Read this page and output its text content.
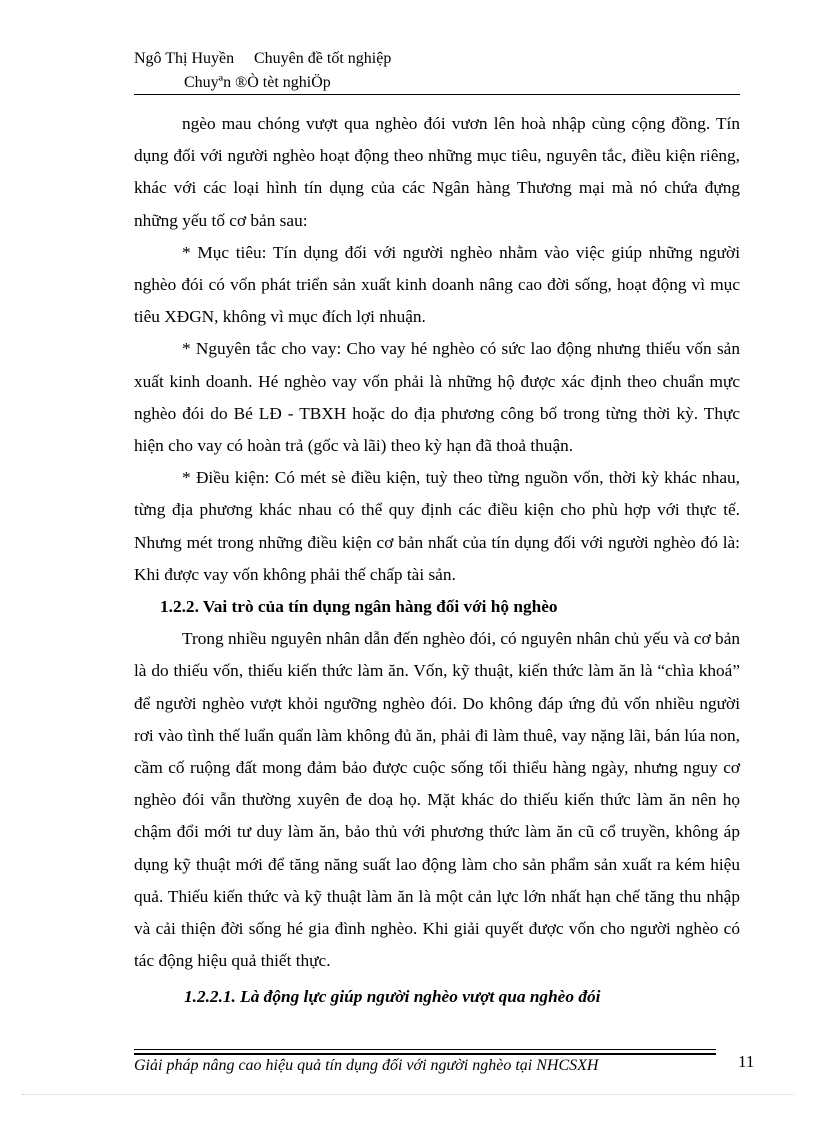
Ngô Thị Huyền Chuyên đề tốt nghiệp
Chuyªn ®Ò tèt nghiÖp

ngèo mau chóng vượt qua nghèo đói vươn lên hoà nhập cùng cộng đồng. Tín dụng đối với người nghèo hoạt động theo những mục tiêu, nguyên tắc, điều kiện riêng, khác với các loại hình tín dụng của các Ngân hàng Thương mại mà nó chứa đựng những yếu tố cơ bản sau:

* Mục tiêu: Tín dụng đối với người nghèo nhằm vào việc giúp những người nghèo đói có vốn phát triển sản xuất kinh doanh nâng cao đời sống, hoạt động vì mục tiêu XĐGN, không vì mục đích lợi nhuận.

* Nguyên tắc cho vay: Cho vay hé nghèo có sức lao động nhưng thiếu vốn sản xuất kinh doanh. Hé nghèo vay vốn phải là những hộ được xác định theo chuẩn mực nghèo đói do Bé LĐ - TBXH hoặc do địa phương công bố trong từng thời kỳ. Thực hiện cho vay có hoàn trả (gốc và lãi) theo kỳ hạn đã thoả thuận.

* Điều kiện: Có mét sè điều kiện, tuỳ theo từng nguồn vốn, thời kỳ khác nhau, từng địa phương khác nhau có thể quy định các điều kiện cho phù hợp với thực tế. Nhưng mét trong những điều kiện cơ bản nhất của tín dụng đối với người nghèo đó là: Khi được vay vốn không phải thế chấp tài sản.

1.2.2. Vai trò của tín dụng ngân hàng đối với hộ nghèo

Trong nhiều nguyên nhân dẫn đến nghèo đói, có nguyên nhân chủ yếu và cơ bản là do thiếu vốn, thiếu kiến thức làm ăn. Vốn, kỹ thuật, kiến thức làm ăn là “chìa khoá” để người nghèo vượt khỏi ngưỡng nghèo đói. Do không đáp ứng đủ vốn nhiều người rơi vào tình thế luẩn quẩn làm không đủ ăn, phải đi làm thuê, vay nặng lãi, bán lúa non, cầm cố ruộng đất mong đảm bảo được cuộc sống tối thiểu hàng ngày, nhưng nguy cơ nghèo đói vẫn thường xuyên đe doạ họ. Mặt khác do thiếu kiến thức làm ăn nên họ chậm đổi mới tư duy làm ăn, bảo thủ với phương thức làm ăn cũ cổ truyền, không áp dụng kỹ thuật mới để tăng năng suất lao động làm cho sản phẩm sản xuất ra kém hiệu quả. Thiếu kiến thức và kỹ thuật làm ăn là một cản lực lớn nhất hạn chế tăng thu nhập và cải thiện đời sống hé gia đình nghèo. Khi giải quyết được vốn cho người nghèo có tác động hiệu quả thiết thực.

1.2.2.1. Là động lực giúp người nghèo vượt qua nghèo đói
Giải pháp nâng cao hiệu quả tín dụng đối với người nghèo tại NHCSXH	11
